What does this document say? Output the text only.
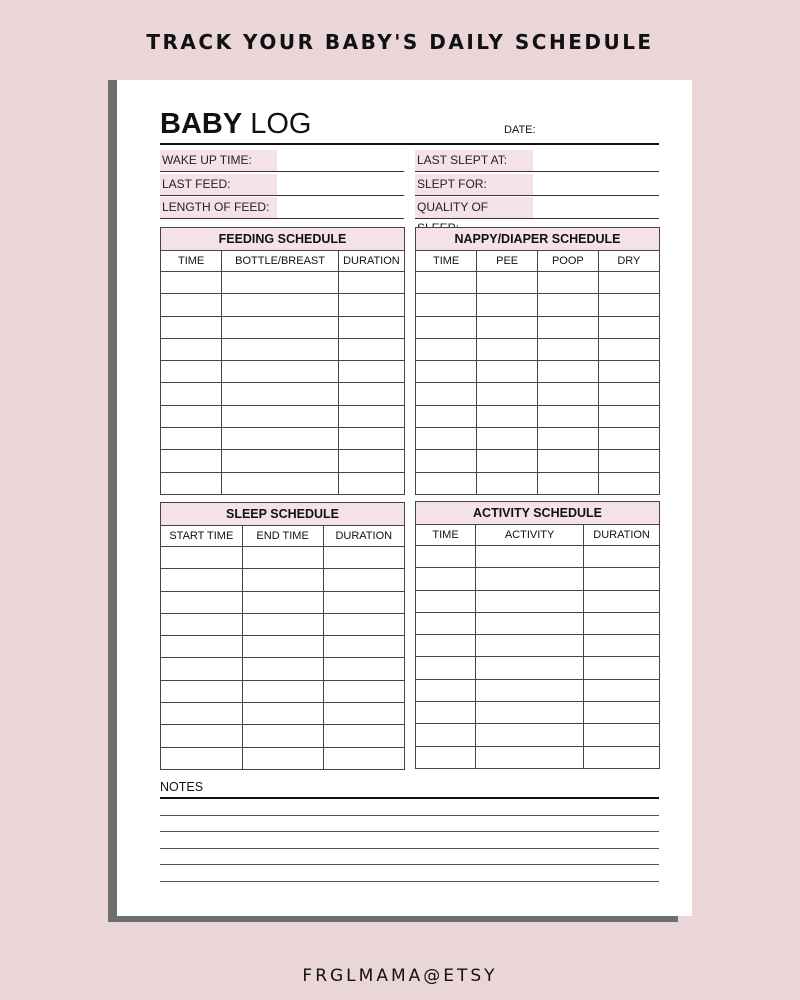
TRACK YOUR BABY'S DAILY SCHEDULE
BABY LOG	DATE:
WAKE UP TIME:
LAST FEED:
LENGTH OF FEED:
LAST SLEPT AT:
SLEPT FOR:
QUALITY OF
FEEDING SCHEDULE
TIME	BOTTLE/BREAST	DURATION

NAPPY/DIAPER SCHEDULE
TIME	PEE	POOP	DRY

SLEEP SCHEDULE
START TIME	END TIME	DURATION

ACTIVITY SCHEDULE
TIME	ACTIVITY	DURATION

NOTES
FRGLMAMA@ETSY
